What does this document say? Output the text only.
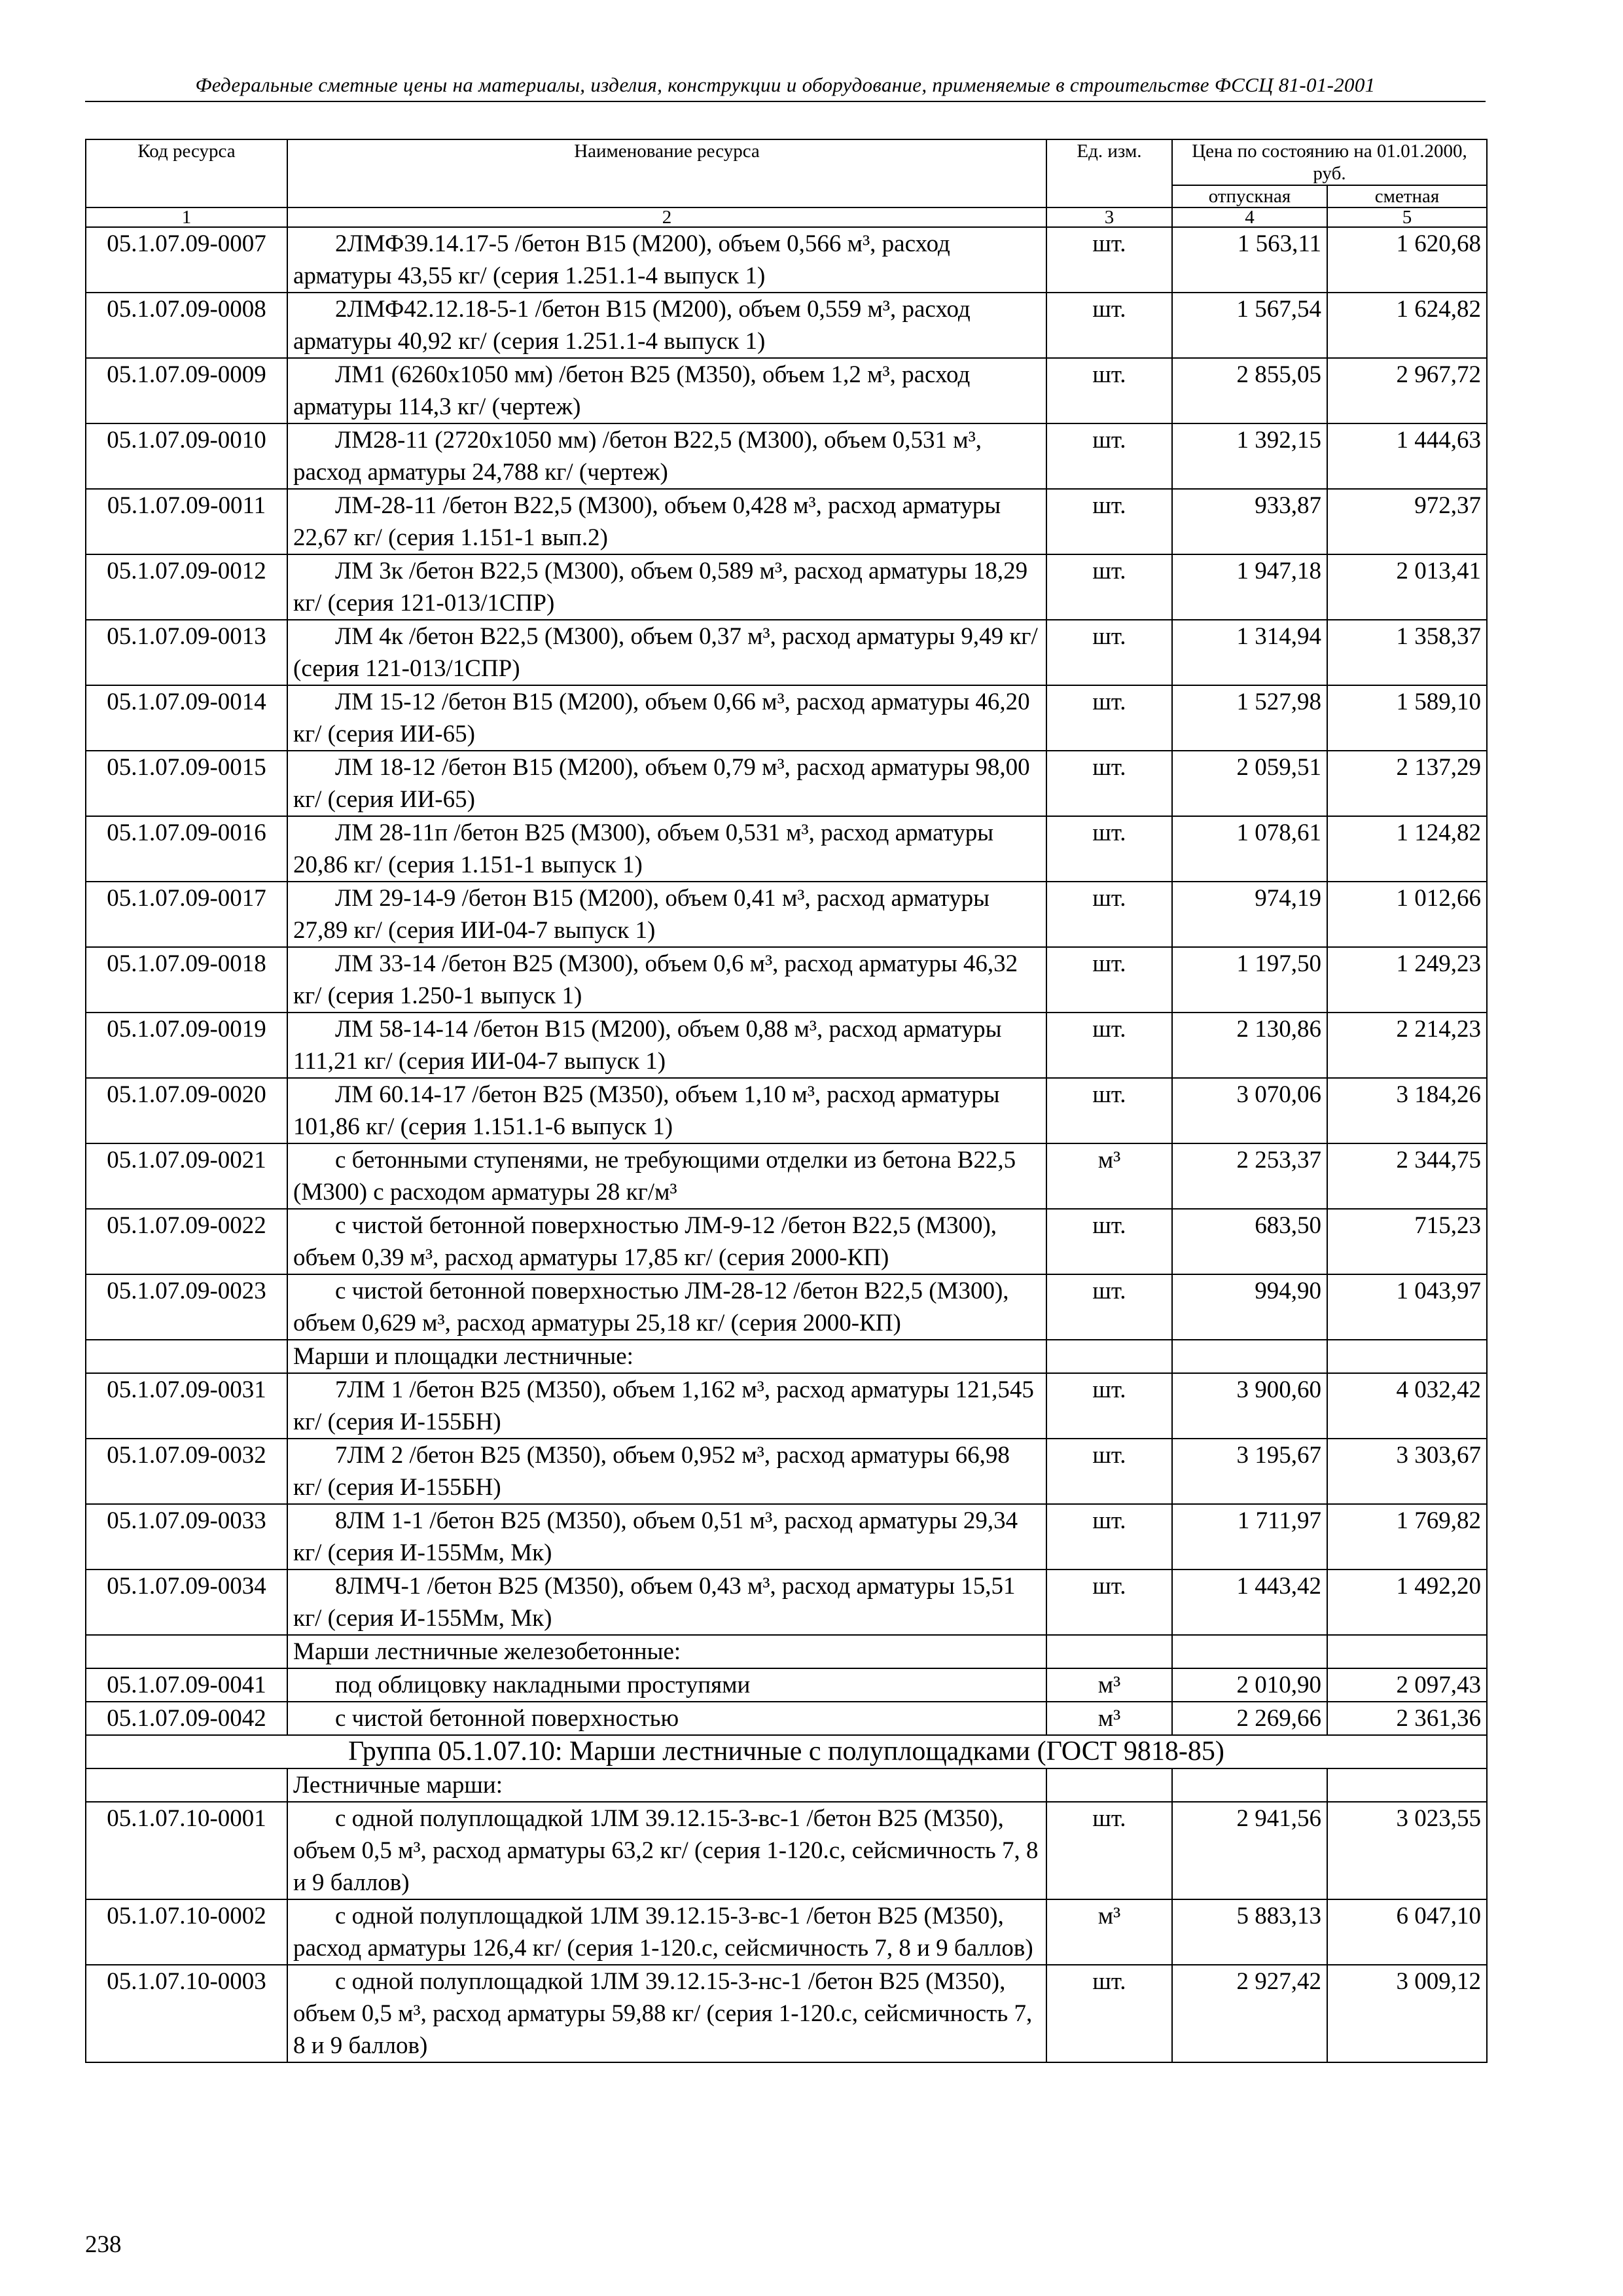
Федеральные сметные цены на материалы, изделия, конструкции и оборудование, применяемые в строительстве ФССЦ 81-01-2001
Код ресурса	Наименование ресурса	Ед. изм.	Цена по состоянию на 01.01.2000, руб.	
			отпускная	сметная
1	2	3	4	5
05.1.07.09-0007	2ЛМФ39.14.17-5 /бетон В15 (М200), объем 0,566 м³, расход арматуры 43,55 кг/ (серия 1.251.1-4 выпуск 1)	шт.	1 563,11	1 620,68
05.1.07.09-0008	2ЛМФ42.12.18-5-1 /бетон В15 (М200), объем 0,559 м³, расход арматуры 40,92 кг/ (серия 1.251.1-4 выпуск 1)	шт.	1 567,54	1 624,82
05.1.07.09-0009	ЛМ1 (6260х1050 мм) /бетон В25 (М350), объем 1,2 м³, расход арматуры 114,3 кг/ (чертеж)	шт.	2 855,05	2 967,72
05.1.07.09-0010	ЛМ28-11 (2720х1050 мм) /бетон В22,5 (М300), объем 0,531 м³, расход арматуры 24,788 кг/ (чертеж)	шт.	1 392,15	1 444,63
05.1.07.09-0011	ЛМ-28-11 /бетон В22,5 (М300), объем 0,428 м³, расход арматуры 22,67 кг/ (серия 1.151-1 вып.2)	шт.	933,87	972,37
05.1.07.09-0012	ЛМ 3к /бетон В22,5 (М300), объем 0,589 м³, расход арматуры 18,29 кг/ (серия 121-013/1СПР)	шт.	1 947,18	2 013,41
05.1.07.09-0013	ЛМ 4к /бетон В22,5 (М300), объем 0,37 м³, расход арматуры 9,49 кг/ (серия 121-013/1СПР)	шт.	1 314,94	1 358,37
05.1.07.09-0014	ЛМ 15-12 /бетон В15 (М200), объем 0,66 м³, расход арматуры 46,20 кг/ (серия ИИ-65)	шт.	1 527,98	1 589,10
05.1.07.09-0015	ЛМ 18-12 /бетон В15 (М200), объем 0,79 м³, расход арматуры 98,00 кг/ (серия ИИ-65)	шт.	2 059,51	2 137,29
05.1.07.09-0016	ЛМ 28-11п /бетон В25 (М300), объем 0,531 м³, расход арматуры 20,86 кг/ (серия 1.151-1 выпуск 1)	шт.	1 078,61	1 124,82
05.1.07.09-0017	ЛМ 29-14-9 /бетон В15 (М200), объем 0,41 м³, расход арматуры 27,89 кг/ (серия ИИ-04-7 выпуск 1)	шт.	974,19	1 012,66
05.1.07.09-0018	ЛМ 33-14 /бетон В25 (М300), объем 0,6 м³, расход арматуры 46,32 кг/ (серия 1.250-1 выпуск 1)	шт.	1 197,50	1 249,23
05.1.07.09-0019	ЛМ 58-14-14 /бетон В15 (М200), объем 0,88 м³, расход арматуры 111,21 кг/ (серия ИИ-04-7 выпуск 1)	шт.	2 130,86	2 214,23
05.1.07.09-0020	ЛМ 60.14-17 /бетон В25 (М350), объем 1,10 м³, расход арматуры 101,86 кг/ (серия 1.151.1-6 выпуск 1)	шт.	3 070,06	3 184,26
05.1.07.09-0021	с бетонными ступенями, не требующими отделки из бетона В22,5 (М300) с расходом арматуры 28 кг/м³	м³	2 253,37	2 344,75
05.1.07.09-0022	с чистой бетонной поверхностью ЛМ-9-12 /бетон В22,5 (М300), объем 0,39 м³, расход арматуры 17,85 кг/ (серия 2000-КП)	шт.	683,50	715,23
05.1.07.09-0023	с чистой бетонной поверхностью ЛМ-28-12 /бетон В22,5 (М300), объем 0,629 м³, расход арматуры 25,18 кг/ (серия 2000-КП)	шт.	994,90	1 043,97
	Марши и площадки лестничные:			
05.1.07.09-0031	7ЛМ 1 /бетон В25 (М350), объем 1,162 м³, расход арматуры 121,545 кг/ (серия И-155БН)	шт.	3 900,60	4 032,42
05.1.07.09-0032	7ЛМ 2 /бетон В25 (М350), объем 0,952 м³, расход арматуры 66,98 кг/ (серия И-155БН)	шт.	3 195,67	3 303,67
05.1.07.09-0033	8ЛМ 1-1 /бетон В25 (М350), объем 0,51 м³, расход арматуры 29,34 кг/ (серия И-155Мм, Мк)	шт.	1 711,97	1 769,82
05.1.07.09-0034	8ЛМЧ-1 /бетон В25 (М350), объем 0,43 м³, расход арматуры 15,51 кг/ (серия И-155Мм, Мк)	шт.	1 443,42	1 492,20
	Марши лестничные железобетонные:			
05.1.07.09-0041	под облицовку накладными проступями	м³	2 010,90	2 097,43
05.1.07.09-0042	с чистой бетонной поверхностью	м³	2 269,66	2 361,36
Группа 05.1.07.10: Марши лестничные с полуплощадками (ГОСТ 9818-85)				
	Лестничные марши:			
05.1.07.10-0001	с одной полуплощадкой 1ЛМ 39.12.15-3-вс-1 /бетон В25 (М350), объем 0,5 м³, расход арматуры 63,2 кг/ (серия 1-120.с, сейсмичность 7, 8 и 9 баллов)	шт.	2 941,56	3 023,55
05.1.07.10-0002	с одной полуплощадкой 1ЛМ 39.12.15-3-вс-1 /бетон В25 (М350), расход арматуры 126,4 кг/ (серия 1-120.с, сейсмичность 7, 8 и 9 баллов)	м³	5 883,13	6 047,10
05.1.07.10-0003	с одной полуплощадкой 1ЛМ 39.12.15-3-нс-1 /бетон В25 (М350), объем 0,5 м³, расход арматуры 59,88 кг/ (серия 1-120.с, сейсмичность 7, 8 и 9 баллов)	шт.	2 927,42	3 009,12
238
